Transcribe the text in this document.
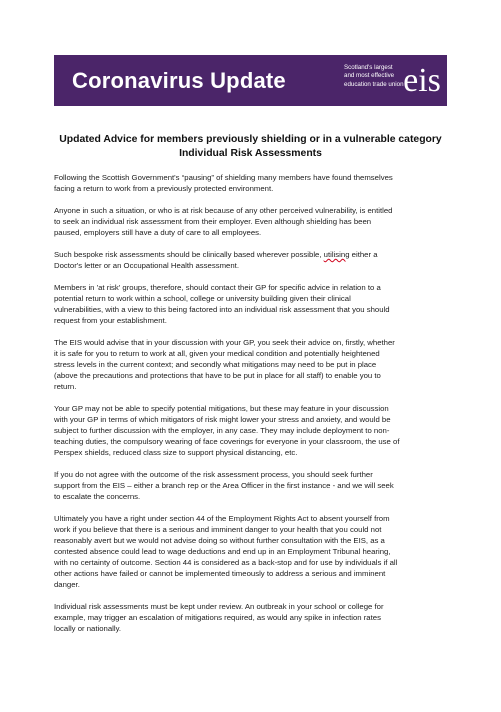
Coronavirus Update	Scotland's largest
and most effective
education trade union eis
Updated Advice for members previously shielding or in a vulnerable category
Individual Risk Assessments
Following the Scottish Government's “pausing” of shielding many members have found themselves
facing a return to work from a previously protected environment.
Anyone in such a situation, or who is at risk because of any other perceived vulnerability, is entitled
to seek an individual risk assessment from their employer. Even although shielding has been
paused, employers still have a duty of care to all employees.
Such bespoke risk assessments should be clinically based wherever possible, utilising either a
Doctor's letter or an Occupational Health assessment.
Members in 'at risk' groups, therefore, should contact their GP for specific advice in relation to a
potential return to work within a school, college or university building given their clinical
vulnerabilities, with a view to this being factored into an individual risk assessment that you should
request from your establishment.
The EIS would advise that in your discussion with your GP, you seek their advice on, firstly, whether
it is safe for you to return to work at all, given your medical condition and potentially heightened
stress levels in the current context; and secondly what mitigations may need to be put in place
(above the precautions and protections that have to be put in place for all staff) to enable you to
return.
Your GP may not be able to specify potential mitigations, but these may feature in your discussion
with your GP in terms of which mitigators of risk might lower your stress and anxiety, and would be
subject to further discussion with the employer, in any case. They may include deployment to non-
teaching duties, the compulsory wearing of face coverings for everyone in your classroom, the use of
Perspex shields, reduced class size to support physical distancing, etc.
If you do not agree with the outcome of the risk assessment process, you should seek further
support from the EIS – either a branch rep or the Area Officer in the first instance - and we will seek
to escalate the concerns.
Ultimately you have a right under section 44 of the Employment Rights Act to absent yourself from
work if you believe that there is a serious and imminent danger to your health that you could not
reasonably avert but we would not advise doing so without further consultation with the EIS, as a
contested absence could lead to wage deductions and end up in an Employment Tribunal hearing,
with no certainty of outcome. Section 44 is considered as a back-stop and for use by individuals if all
other actions have failed or cannot be implemented timeously to address a serious and imminent
danger.
Individual risk assessments must be kept under review. An outbreak in your school or college for
example, may trigger an escalation of mitigations required, as would any spike in infection rates
locally or nationally.
